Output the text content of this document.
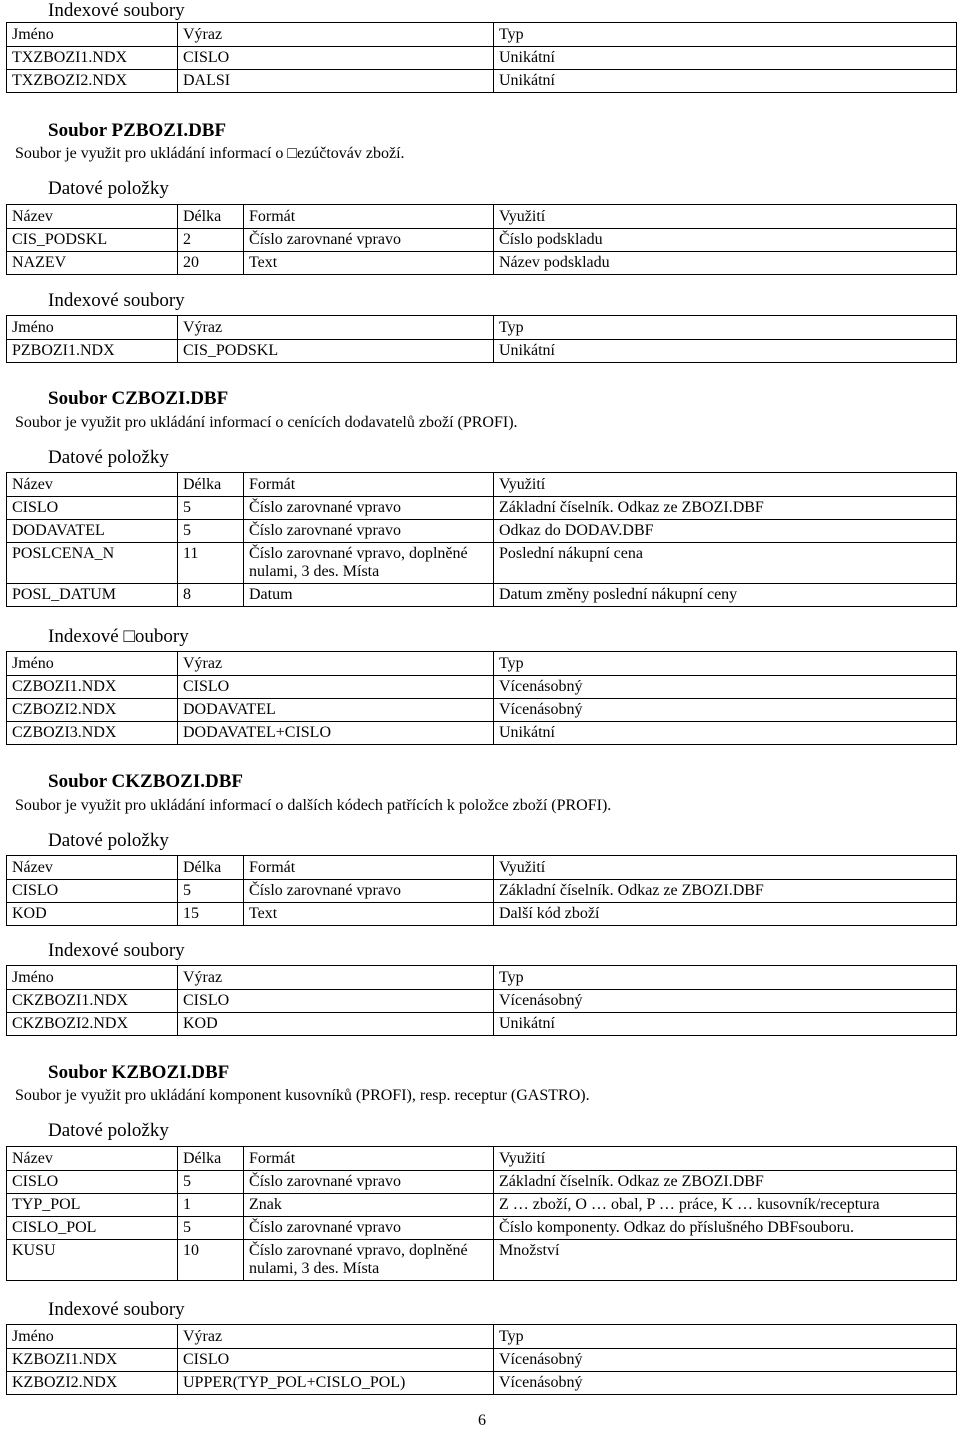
Indexové soubory
Jméno	Výraz	Typ
TXZBOZI1.NDX	CISLO	Unikátní
TXZBOZI2.NDX	DALSI	Unikátní
Soubor PZBOZI.DBF
Soubor je využit pro ukládání informací o □ezúčtováv zboží.
Datové položky
Název	Délka	Formát	Využití
CIS_PODSKL	2	Číslo zarovnané vpravo	Číslo podskladu
NAZEV	20	Text	Název podskladu
Indexové soubory
Jméno	Výraz	Typ
PZBOZI1.NDX	CIS_PODSKL	Unikátní
Soubor CZBOZI.DBF
Soubor je využit pro ukládání informací o cenících dodavatelů zboží (PROFI).
Datové položky
Název	Délka	Formát	Využití
CISLO	5	Číslo zarovnané vpravo	Základní číselník. Odkaz ze ZBOZI.DBF
DODAVATEL	5	Číslo zarovnané vpravo	Odkaz do DODAV.DBF
POSLCENA_N	11	Číslo zarovnané vpravo, doplněné nulami, 3 des. Místa	Poslední nákupní cena
POSL_DATUM	8	Datum	Datum změny poslední nákupní ceny
Indexové □oubory
Jméno	Výraz	Typ
CZBOZI1.NDX	CISLO	Vícenásobný
CZBOZI2.NDX	DODAVATEL	Vícenásobný
CZBOZI3.NDX	DODAVATEL+CISLO	Unikátní
Soubor CKZBOZI.DBF
Soubor je využit pro ukládání informací o dalších kódech patřících k položce zboží (PROFI).
Datové položky
Název	Délka	Formát	Využití
CISLO	5	Číslo zarovnané vpravo	Základní číselník. Odkaz ze ZBOZI.DBF
KOD	15	Text	Další kód zboží
Indexové soubory
Jméno	Výraz	Typ
CKZBOZI1.NDX	CISLO	Vícenásobný
CKZBOZI2.NDX	KOD	Unikátní
Soubor KZBOZI.DBF
Soubor je využit pro ukládání komponent kusovníků (PROFI), resp. receptur (GASTRO).
Datové položky
Název	Délka	Formát	Využití
CISLO	5	Číslo zarovnané vpravo	Základní číselník. Odkaz ze ZBOZI.DBF
TYP_POL	1	Znak	Z … zboží, O … obal, P … práce, K … kusovník/receptura
CISLO_POL	5	Číslo zarovnané vpravo	Číslo komponenty. Odkaz do příslušného DBFsouboru.
KUSU	10	Číslo zarovnané vpravo, doplněné nulami, 3 des. Místa	Množství
Indexové soubory
Jméno	Výraz	Typ
KZBOZI1.NDX	CISLO	Vícenásobný
KZBOZI2.NDX	UPPER(TYP_POL+CISLO_POL)	Vícenásobný
6
